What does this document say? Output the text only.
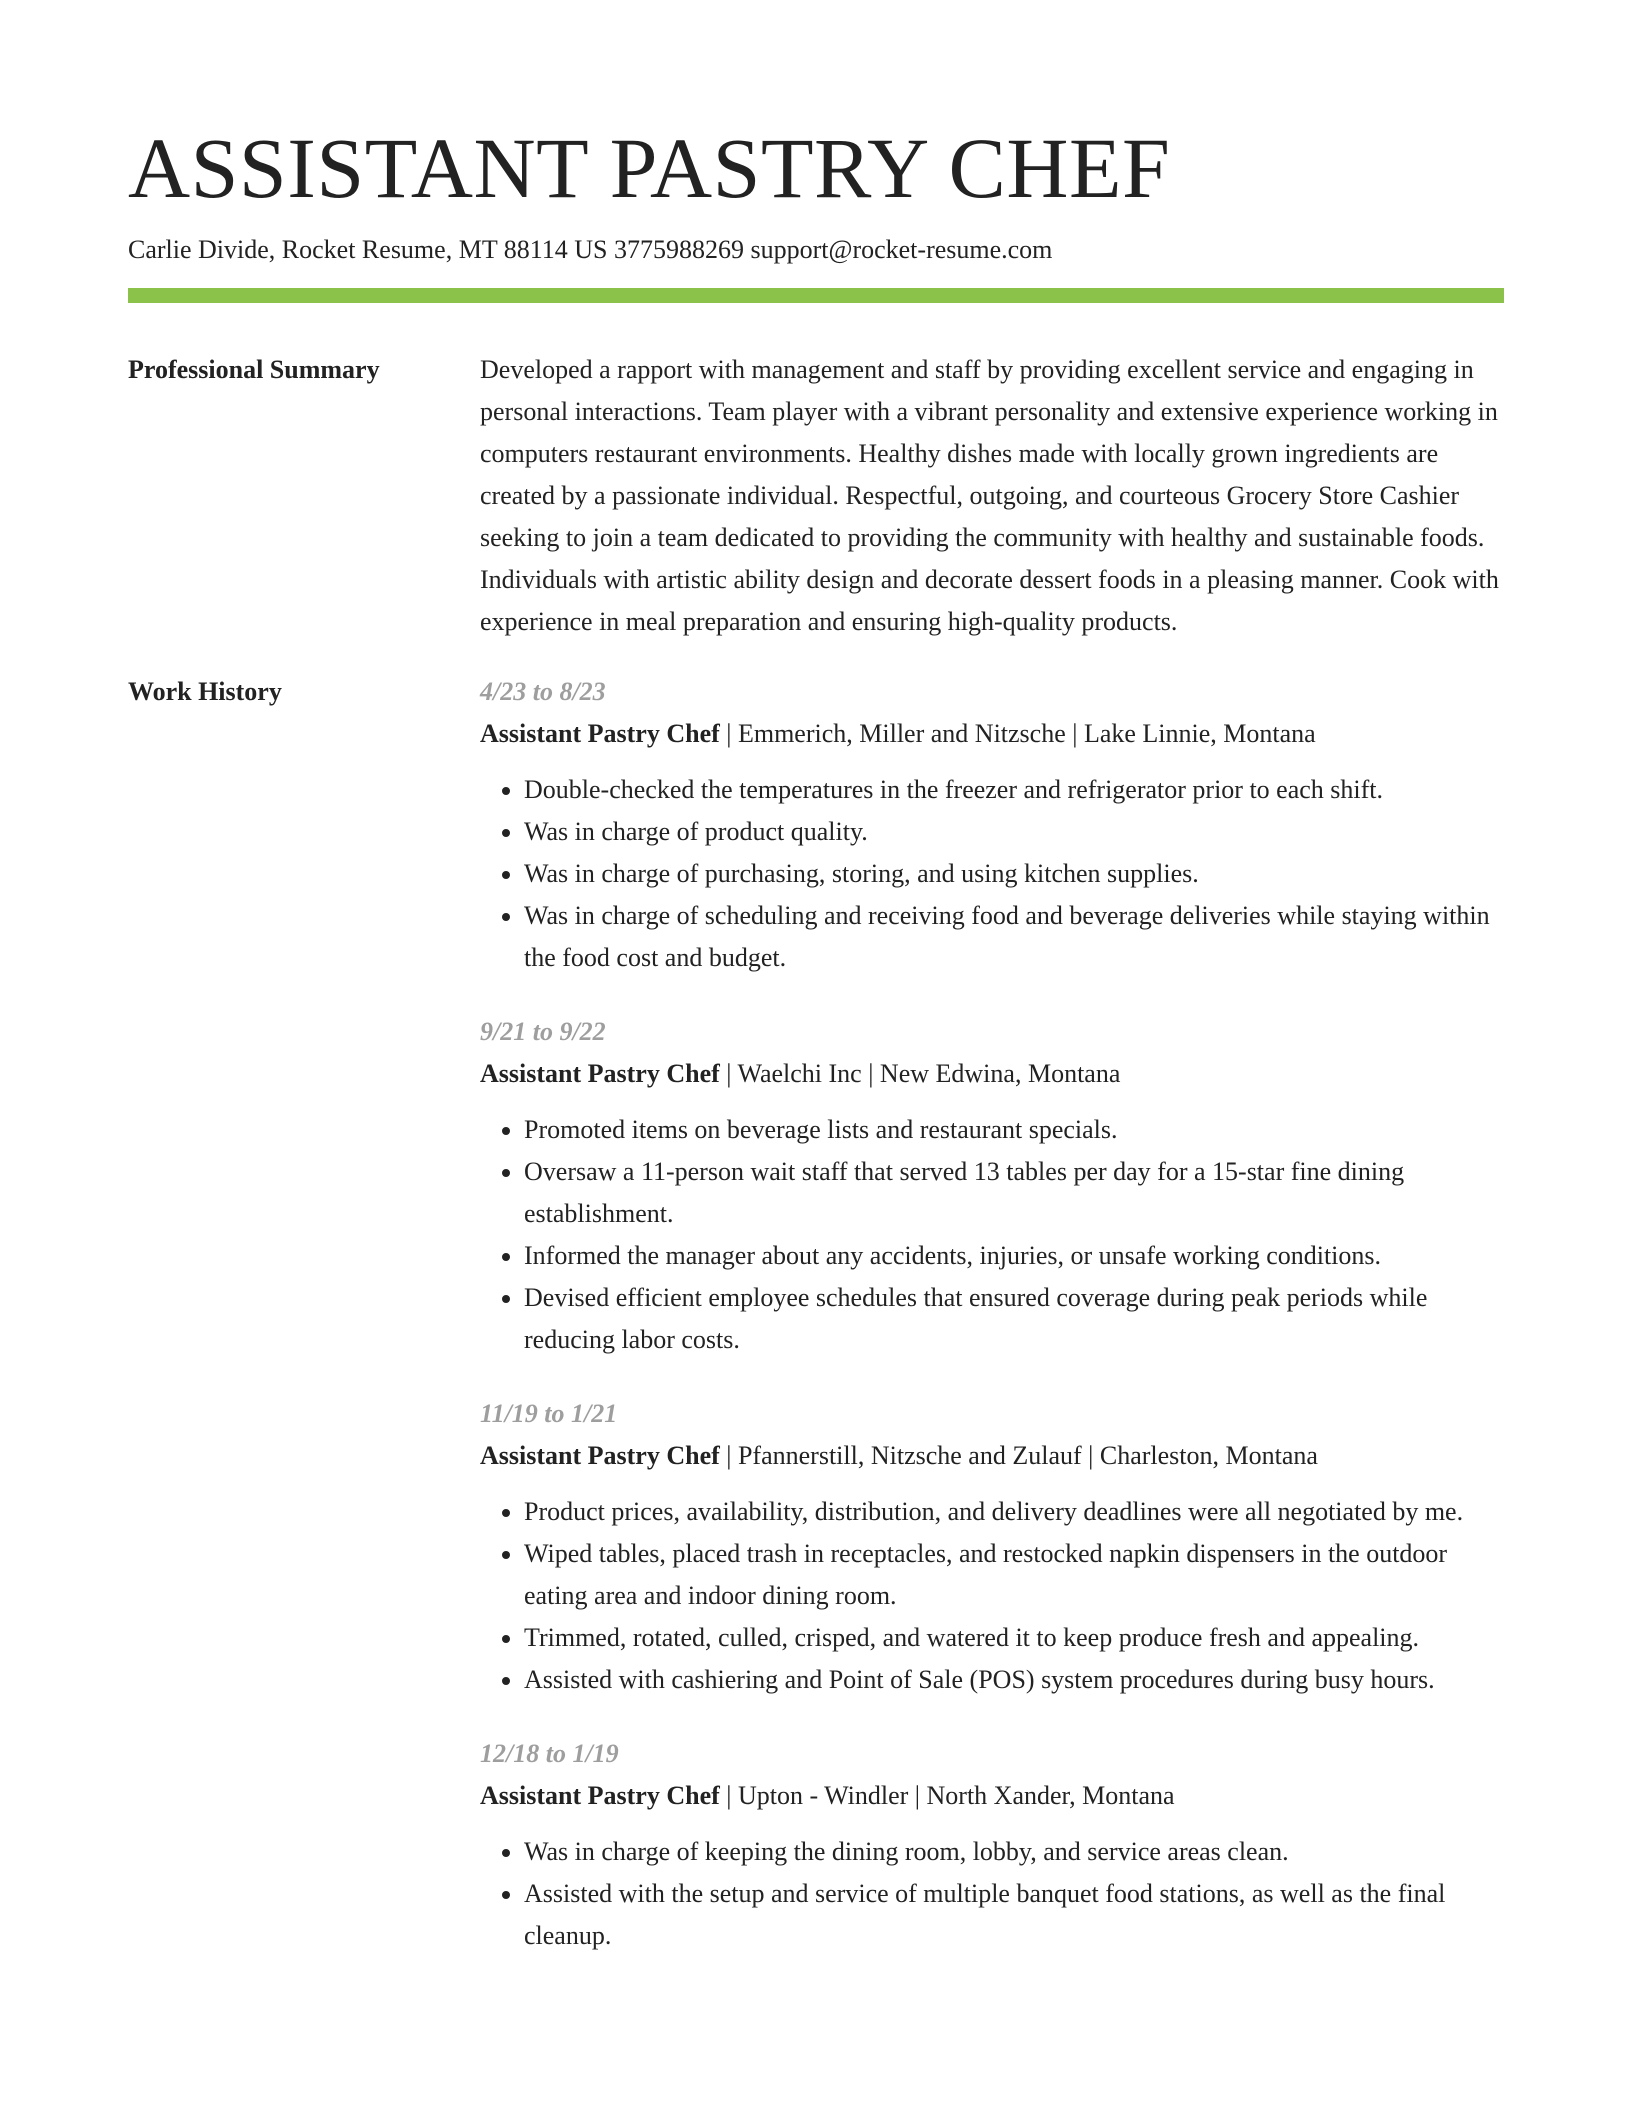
ASSISTANT PASTRY CHEF
Carlie Divide, Rocket Resume, MT 88114 US 3775988269 support@rocket-resume.com
Professional Summary	Developed a rapport with management and staff by providing excellent service and engaging in personal interactions. Team player with a vibrant personality and extensive experience working in computers restaurant environments. Healthy dishes made with locally grown ingredients are created by a passionate individual. Respectful, outgoing, and courteous Grocery Store Cashier seeking to join a team dedicated to providing the community with healthy and sustainable foods. Individuals with artistic ability design and decorate dessert foods in a pleasing manner. Cook with experience in meal preparation and ensuring high-quality products.

Work History	4/23 to 8/23
Assistant Pastry Chef | Emmerich, Miller and Nitzsche | Lake Linnie, Montana
• Double-checked the temperatures in the freezer and refrigerator prior to each shift.
• Was in charge of product quality.
• Was in charge of purchasing, storing, and using kitchen supplies.
• Was in charge of scheduling and receiving food and beverage deliveries while staying within the food cost and budget.
9/21 to 9/22
Assistant Pastry Chef | Waelchi Inc | New Edwina, Montana
• Promoted items on beverage lists and restaurant specials.
• Oversaw a 11-person wait staff that served 13 tables per day for a 15-star fine dining establishment.
• Informed the manager about any accidents, injuries, or unsafe working conditions.
• Devised efficient employee schedules that ensured coverage during peak periods while reducing labor costs.
11/19 to 1/21
Assistant Pastry Chef | Pfannerstill, Nitzsche and Zulauf | Charleston, Montana
• Product prices, availability, distribution, and delivery deadlines were all negotiated by me.
• Wiped tables, placed trash in receptacles, and restocked napkin dispensers in the outdoor eating area and indoor dining room.
• Trimmed, rotated, culled, crisped, and watered it to keep produce fresh and appealing.
• Assisted with cashiering and Point of Sale (POS) system procedures during busy hours.
12/18 to 1/19
Assistant Pastry Chef | Upton - Windler | North Xander, Montana
• Was in charge of keeping the dining room, lobby, and service areas clean.
• Assisted with the setup and service of multiple banquet food stations, as well as the final cleanup.
